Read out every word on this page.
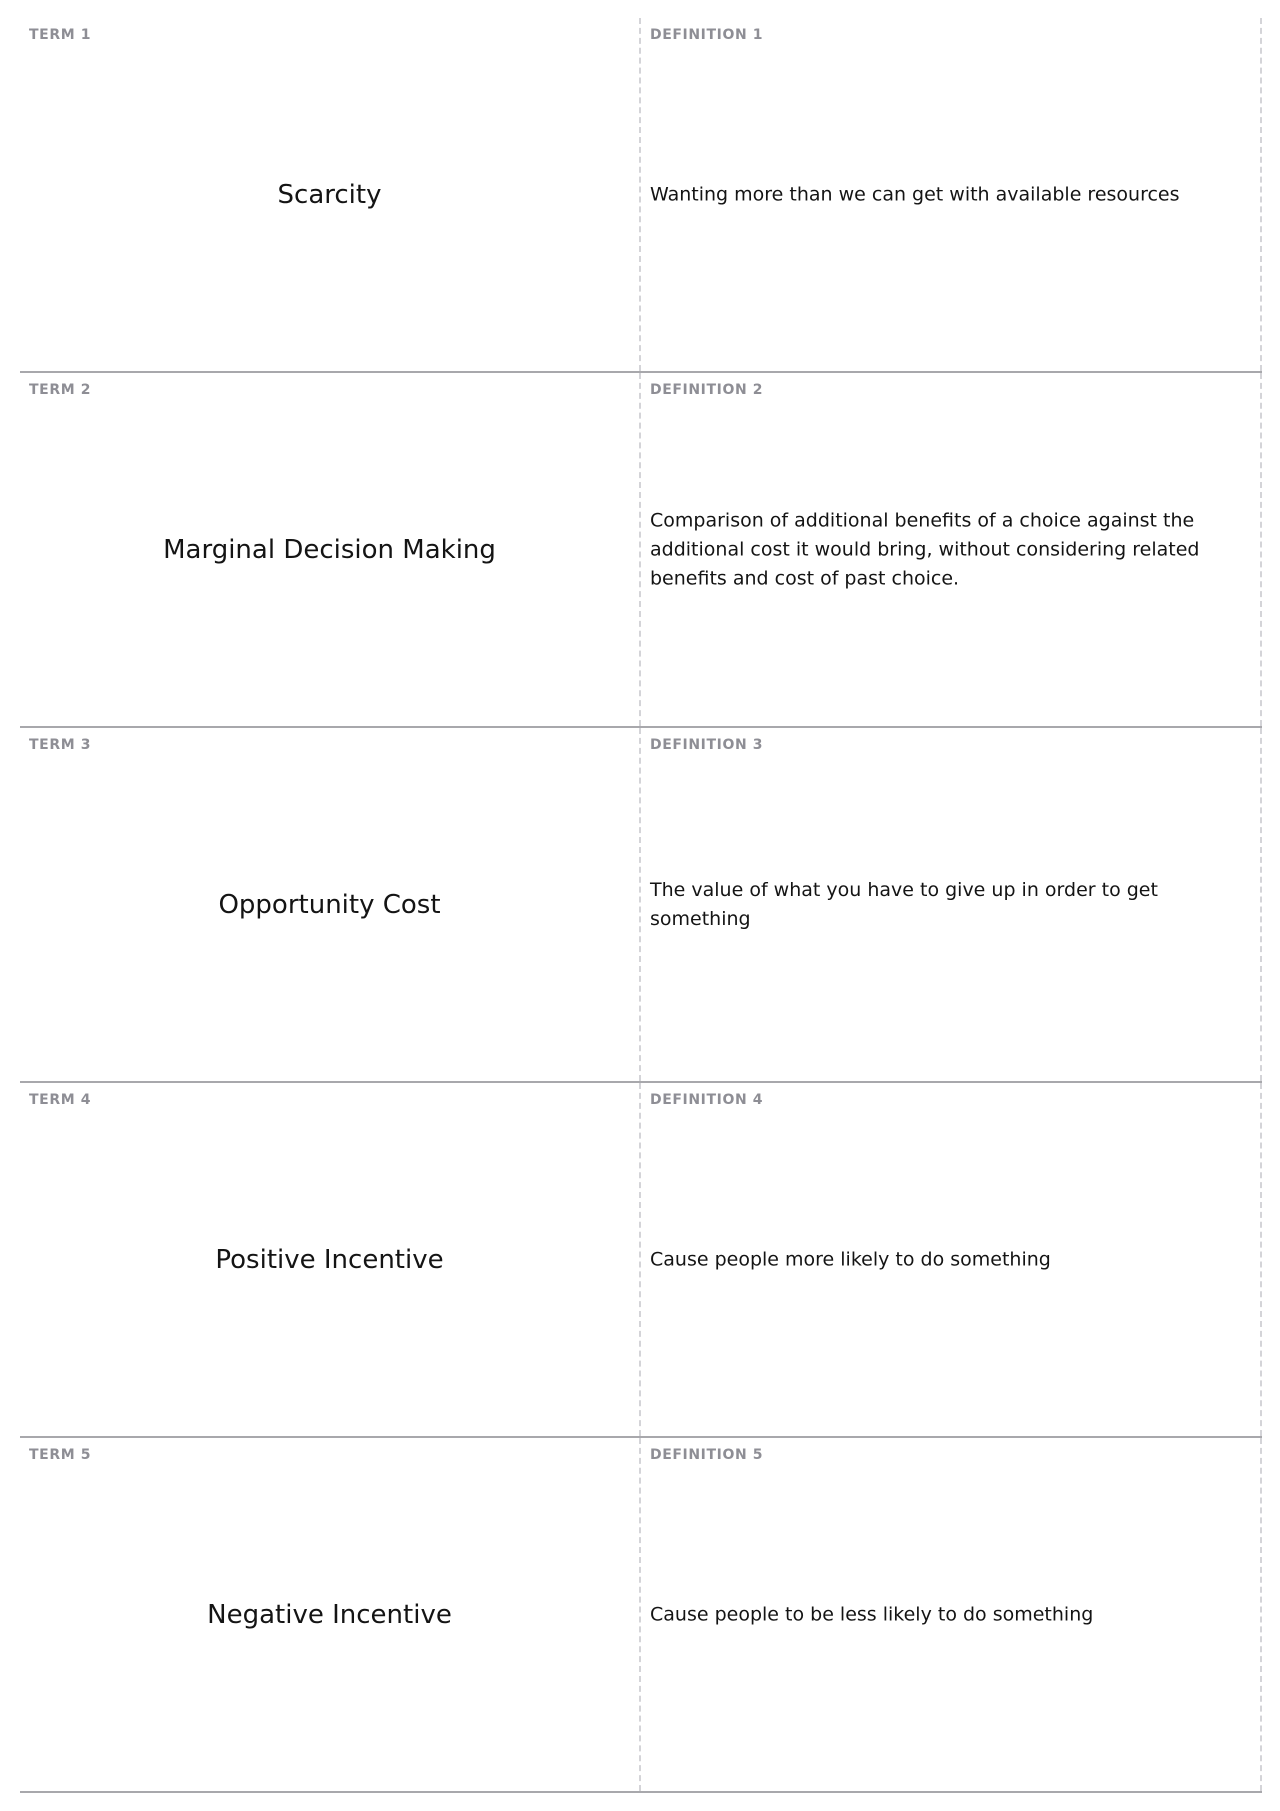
TERM 1
Scarcity
DEFINITION 1
Wanting more than we can get with available resources
TERM 2
Marginal Decision Making
DEFINITION 2
Comparison of additional benefits of a choice against the additional cost it would bring, without considering related benefits and cost of past choice.
TERM 3
Opportunity Cost
DEFINITION 3
The value of what you have to give up in order to get something
TERM 4
Positive Incentive
DEFINITION 4
Cause people more likely to do something
TERM 5
Negative Incentive
DEFINITION 5
Cause people to be less likely to do something
